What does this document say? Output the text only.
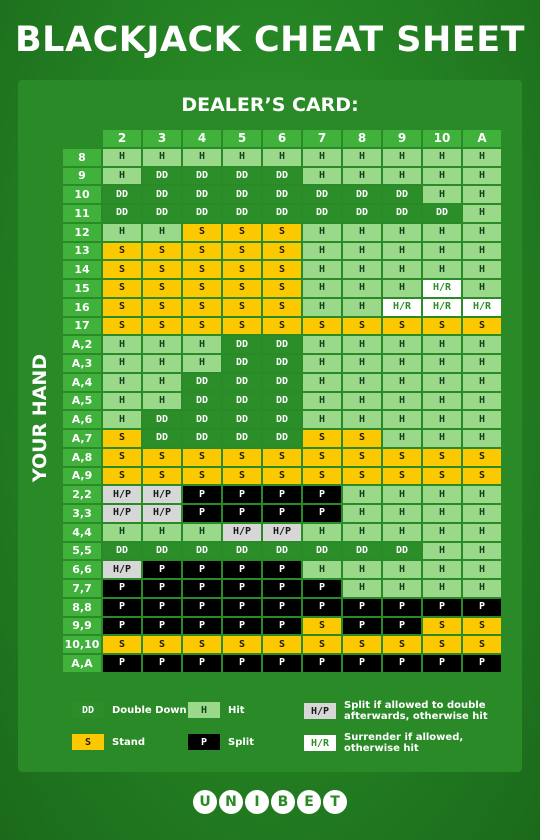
BLACKJACK CHEAT SHEET
DEALER’S CARD:
YOUR HAND
2	3	4	5	6	7	8	9	10	A
8	H	H	H	H	H	H	H	H	H	H
9	H	DD	DD	DD	DD	H	H	H	H	H
10	DD	DD	DD	DD	DD	DD	DD	DD	H	H
11	DD	DD	DD	DD	DD	DD	DD	DD	DD	H
12	H	H	S	S	S	H	H	H	H	H
13	S	S	S	S	S	H	H	H	H	H
14	S	S	S	S	S	H	H	H	H	H
15	S	S	S	S	S	H	H	H	H/R	H
16	S	S	S	S	S	H	H	H/R	H/R	H/R
17	S	S	S	S	S	S	S	S	S	S
A,2	H	H	H	DD	DD	H	H	H	H	H
A,3	H	H	H	DD	DD	H	H	H	H	H
A,4	H	H	DD	DD	DD	H	H	H	H	H
A,5	H	H	DD	DD	DD	H	H	H	H	H
A,6	H	DD	DD	DD	DD	H	H	H	H	H
A,7	S	DD	DD	DD	DD	S	S	H	H	H
A,8	S	S	S	S	S	S	S	S	S	S
A,9	S	S	S	S	S	S	S	S	S	S
2,2	H/P	H/P	P	P	P	P	H	H	H	H
3,3	H/P	H/P	P	P	P	P	H	H	H	H
4,4	H	H	H	H/P	H/P	H	H	H	H	H
5,5	DD	DD	DD	DD	DD	DD	DD	DD	H	H
6,6	H/P	P	P	P	P	H	H	H	H	H
7,7	P	P	P	P	P	P	H	H	H	H
8,8	P	P	P	P	P	P	P	P	P	P
9,9	P	P	P	P	P	S	P	P	S	S
10,10	S	S	S	S	S	S	S	S	S	S
A,A	P	P	P	P	P	P	P	P	P	P
DD	Double Down	H	Hit	H/P	Split if allowed to double
afterwards, otherwise hit
S	Stand	P	Split	H/R	Surrender if allowed,
otherwise hit
U	N	I	B	E	T
